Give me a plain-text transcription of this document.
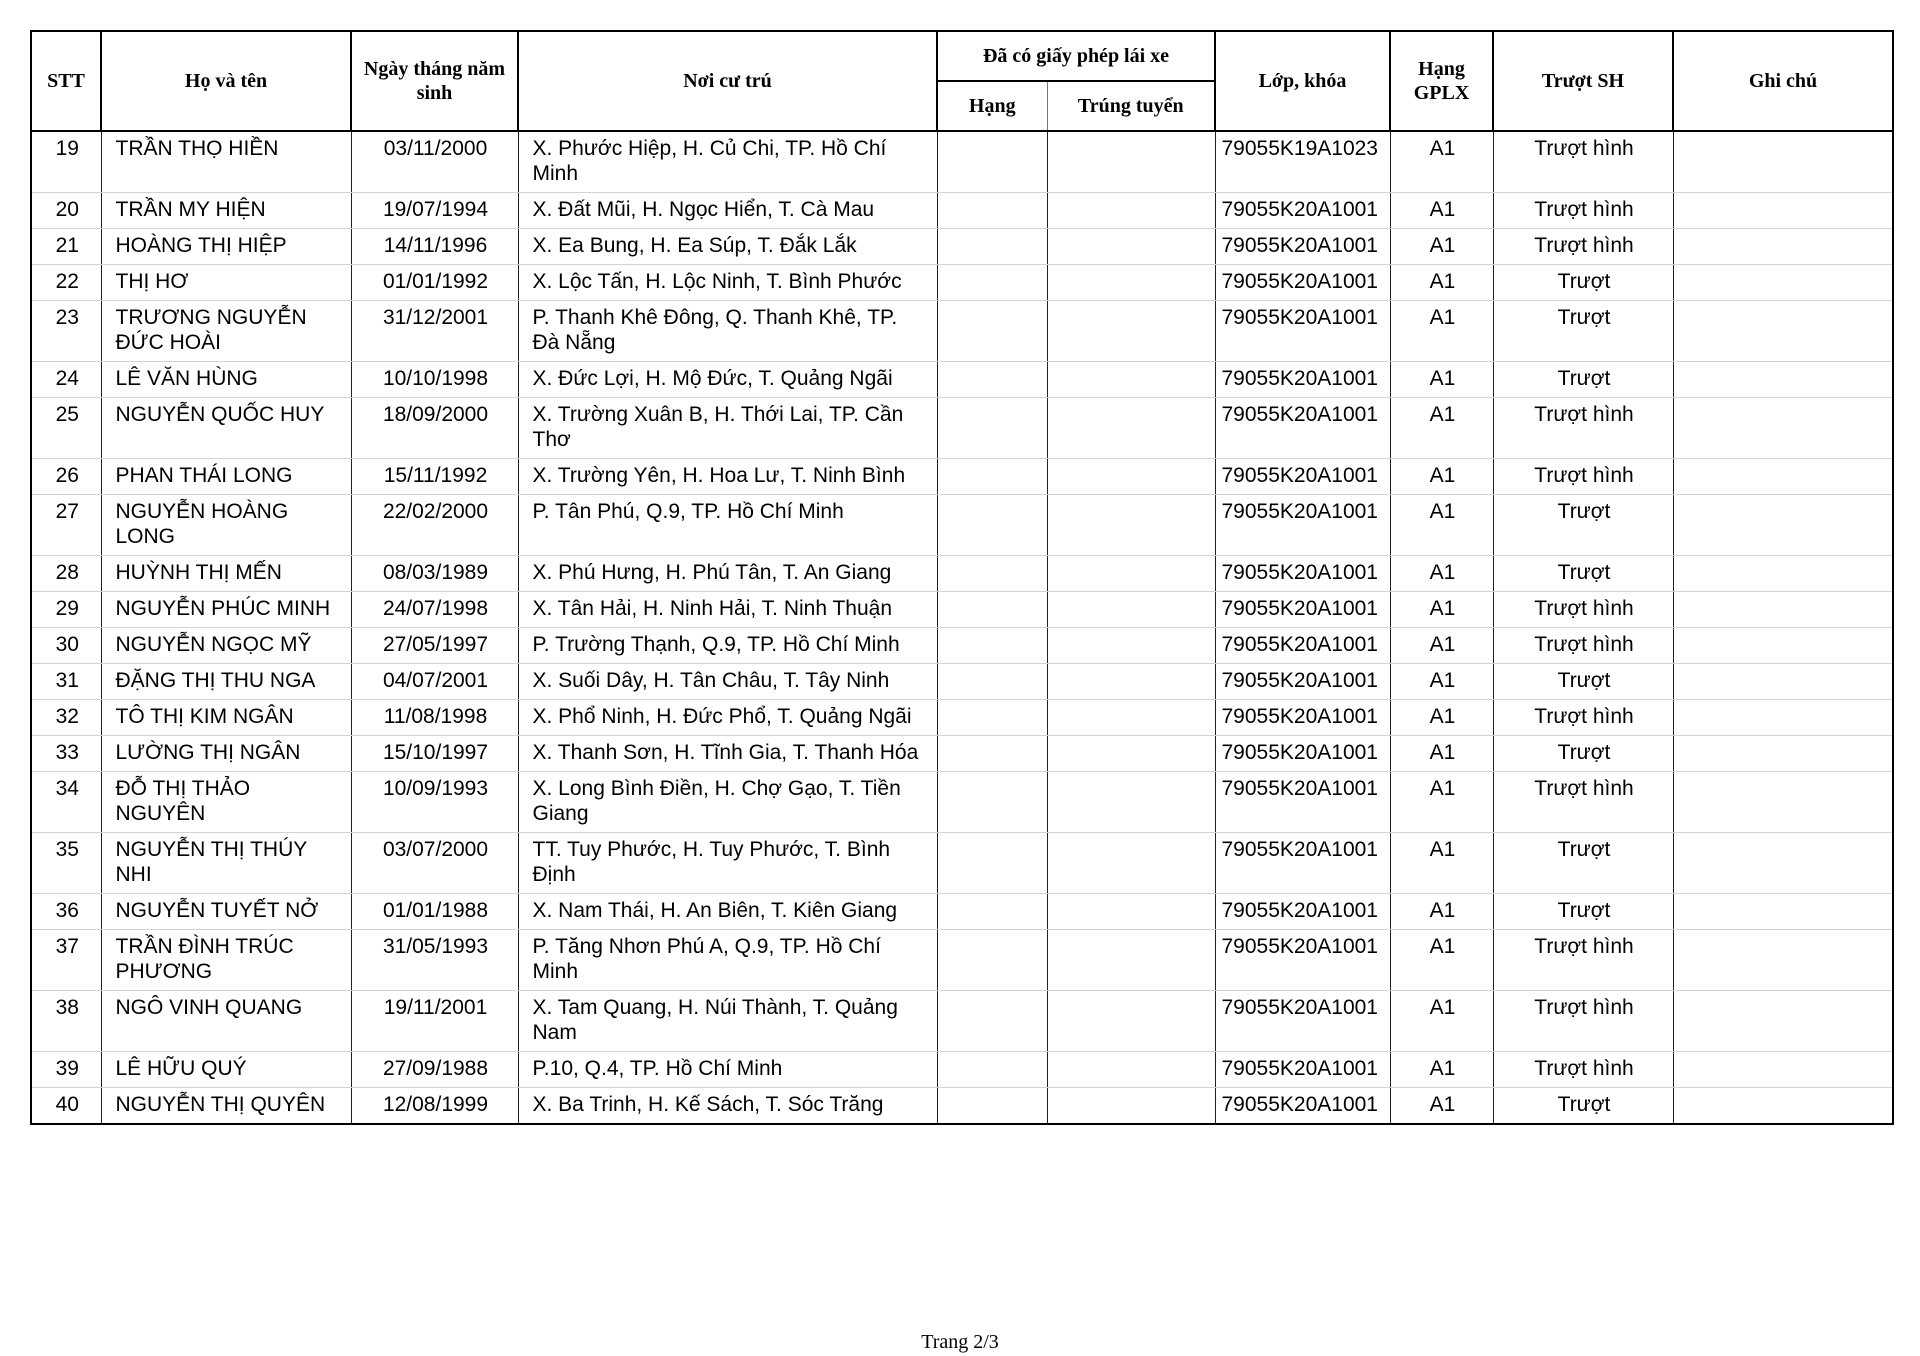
STT	Họ và tên	Ngày tháng năm sinh	Nơi cư trú	Đã có giấy phép lái xe		Lớp, khóa	Hạng GPLX	Trượt SH	Ghi chú
				Hạng	Trúng tuyển				
19	TRẦN THỌ HIỀN	03/11/2000	X. Phước Hiệp, H. Củ Chi, TP. Hồ Chí Minh			79055K19A1023	A1	Trượt hình	
20	TRẦN MY HIỆN	19/07/1994	X. Đất Mũi, H. Ngọc Hiển, T. Cà Mau			79055K20A1001	A1	Trượt hình	
21	HOÀNG THỊ HIỆP	14/11/1996	X. Ea Bung, H. Ea Súp, T. Đắk Lắk			79055K20A1001	A1	Trượt hình	
22	THỊ HƠ	01/01/1992	X. Lộc Tấn, H. Lộc Ninh, T. Bình Phước			79055K20A1001	A1	Trượt	
23	TRƯƠNG NGUYỄN ĐỨC HOÀI	31/12/2001	P. Thanh Khê Đông, Q. Thanh Khê, TP. Đà Nẵng			79055K20A1001	A1	Trượt	
24	LÊ VĂN HÙNG	10/10/1998	X. Đức Lợi, H. Mộ Đức, T. Quảng Ngãi			79055K20A1001	A1	Trượt	
25	NGUYỄN QUỐC HUY	18/09/2000	X. Trường Xuân B, H. Thới Lai, TP. Cần Thơ			79055K20A1001	A1	Trượt hình	
26	PHAN THÁI LONG	15/11/1992	X. Trường Yên, H. Hoa Lư, T. Ninh Bình			79055K20A1001	A1	Trượt hình	
27	NGUYỄN HOÀNG LONG	22/02/2000	P. Tân Phú, Q.9, TP. Hồ Chí Minh			79055K20A1001	A1	Trượt	
28	HUỲNH THỊ MẾN	08/03/1989	X. Phú Hưng, H. Phú Tân, T. An Giang			79055K20A1001	A1	Trượt	
29	NGUYỄN PHÚC MINH	24/07/1998	X. Tân Hải, H. Ninh Hải, T. Ninh Thuận			79055K20A1001	A1	Trượt hình	
30	NGUYỄN NGỌC MỸ	27/05/1997	P. Trường Thạnh, Q.9, TP. Hồ Chí Minh			79055K20A1001	A1	Trượt hình	
31	ĐẶNG THỊ THU NGA	04/07/2001	X. Suối Dây, H. Tân Châu, T. Tây Ninh			79055K20A1001	A1	Trượt	
32	TÔ THỊ KIM NGÂN	11/08/1998	X. Phổ Ninh, H. Đức Phổ, T. Quảng Ngãi			79055K20A1001	A1	Trượt hình	
33	LƯỜNG THỊ NGÂN	15/10/1997	X. Thanh Sơn, H. Tĩnh Gia, T. Thanh Hóa			79055K20A1001	A1	Trượt	
34	ĐỖ THỊ THẢO NGUYÊN	10/09/1993	X. Long Bình Điền, H. Chợ Gạo, T. Tiền Giang			79055K20A1001	A1	Trượt hình	
35	NGUYỄN THỊ THÚY NHI	03/07/2000	TT. Tuy Phước, H. Tuy Phước, T. Bình Định			79055K20A1001	A1	Trượt	
36	NGUYỄN TUYẾT NỞ	01/01/1988	X. Nam Thái, H. An Biên, T. Kiên Giang			79055K20A1001	A1	Trượt	
37	TRẦN ĐÌNH TRÚC PHƯƠNG	31/05/1993	P. Tăng Nhơn Phú A, Q.9, TP. Hồ Chí Minh			79055K20A1001	A1	Trượt hình	
38	NGÔ VINH QUANG	19/11/2001	X. Tam Quang, H. Núi Thành, T. Quảng Nam			79055K20A1001	A1	Trượt hình	
39	LÊ HỮU QUÝ	27/09/1988	P.10, Q.4, TP. Hồ Chí Minh			79055K20A1001	A1	Trượt hình	
40	NGUYỄN THỊ QUYÊN	12/08/1999	X. Ba Trinh, H. Kế Sách, T. Sóc Trăng			79055K20A1001	A1	Trượt	
Trang 2/3
